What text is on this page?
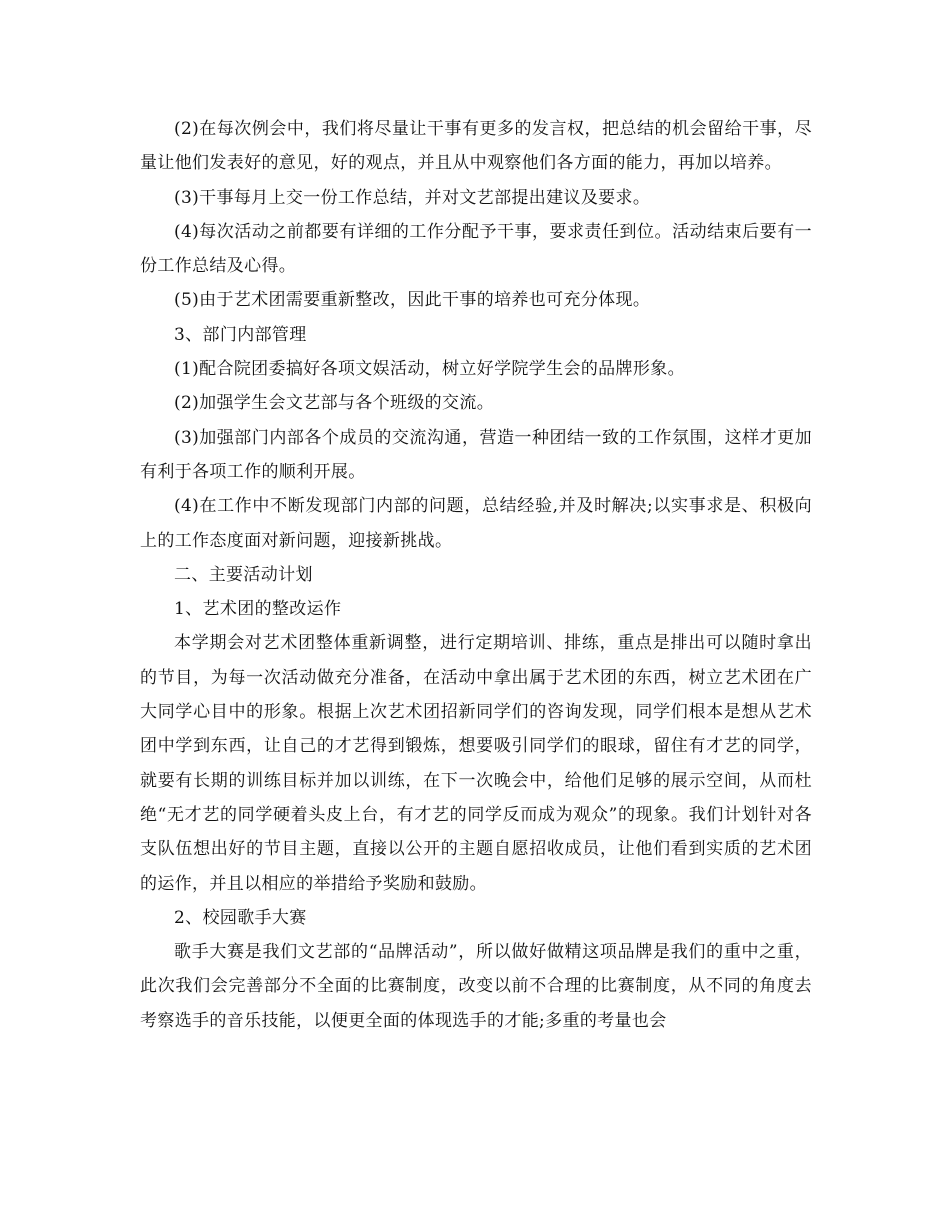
(2)在每次例会中，我们将尽量让干事有更多的发言权，把总结的机会留给干事，尽量让他们发表好的意见，好的观点，并且从中观察他们各方面的能力，再加以培养。

(3)干事每月上交一份工作总结，并对文艺部提出建议及要求。

(4)每次活动之前都要有详细的工作分配予干事，要求责任到位。活动结束后要有一份工作总结及心得。

(5)由于艺术团需要重新整改，因此干事的培养也可充分体现。

3、部门内部管理

(1)配合院团委搞好各项文娱活动，树立好学院学生会的品牌形象。

(2)加强学生会文艺部与各个班级的交流。

(3)加强部门内部各个成员的交流沟通，营造一种团结一致的工作氛围，这样才更加有利于各项工作的顺利开展。

(4)在工作中不断发现部门内部的问题，总结经验,并及时解决;以实事求是、积极向上的工作态度面对新问题，迎接新挑战。

二、主要活动计划

1、艺术团的整改运作

本学期会对艺术团整体重新调整，进行定期培训、排练，重点是排出可以随时拿出的节目，为每一次活动做充分准备，在活动中拿出属于艺术团的东西，树立艺术团在广大同学心目中的形象。根据上次艺术团招新同学们的咨询发现，同学们根本是想从艺术团中学到东西，让自己的才艺得到锻炼，想要吸引同学们的眼球，留住有才艺的同学，就要有长期的训练目标并加以训练，在下一次晚会中，给他们足够的展示空间，从而杜绝“无才艺的同学硬着头皮上台，有才艺的同学反而成为观众”的现象。我们计划针对各支队伍想出好的节目主题，直接以公开的主题自愿招收成员，让他们看到实质的艺术团的运作，并且以相应的举措给予奖励和鼓励。

2、校园歌手大赛

歌手大赛是我们文艺部的“品牌活动”，所以做好做精这项品牌是我们的重中之重，此次我们会完善部分不全面的比赛制度，改变以前不合理的比赛制度，从不同的角度去考察选手的音乐技能，以便更全面的体现选手的才能;多重的考量也会
